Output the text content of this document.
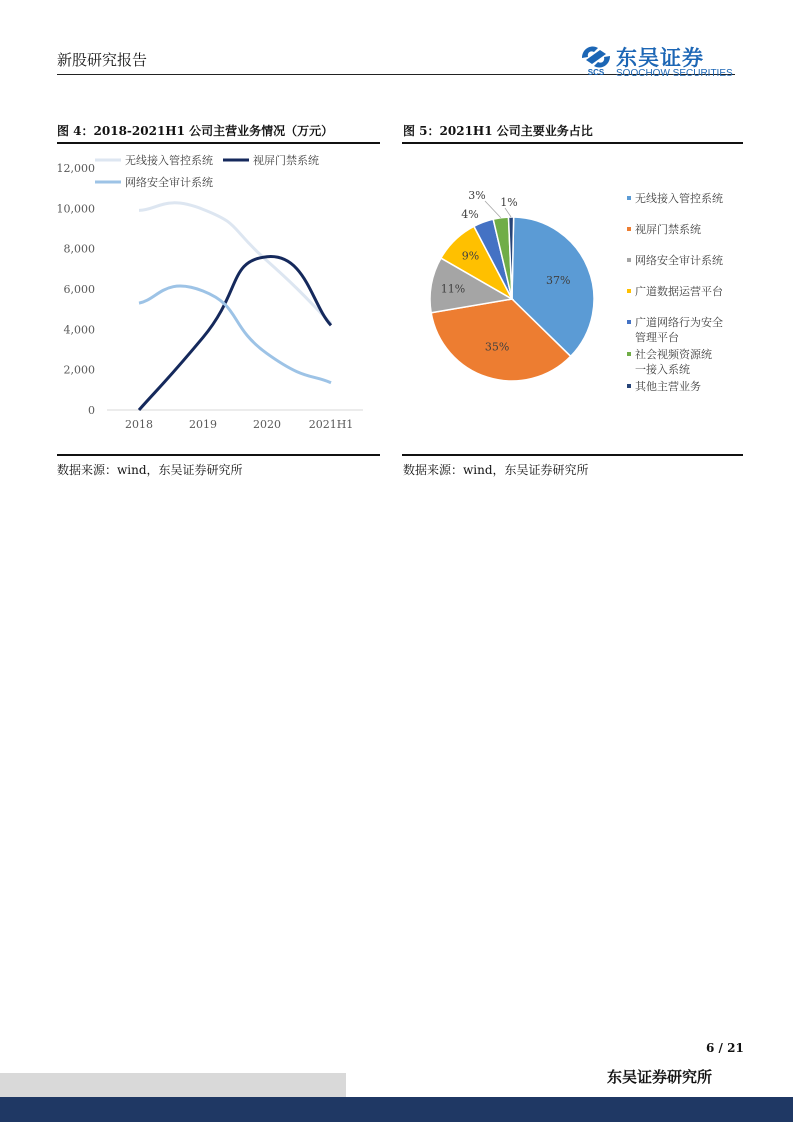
新股研究报告
SCS
东吴证券
SOOCHOW SECURITIES
图 4：2018-2021H1 公司主营业务情况（万元）
0
2,000
4,000
6,000
8,000
10,000
12,000
2018	2019	2020	2021H1
无线接入管控系统	视屏门禁系统
网络安全审计系统
数据来源：wind，东吴证券研究所
图 5：2021H1 公司主要业务占比
37%
35%
11%
9%
4%
3%
1%	无线接入管控系统
视屏门禁系统
网络安全审计系统
广道数据运营平台
广道网络行为安全管理平台
社会视频资源统一接入系统
其他主营业务
数据来源：wind，东吴证券研究所
6 / 21
东吴证券研究所
